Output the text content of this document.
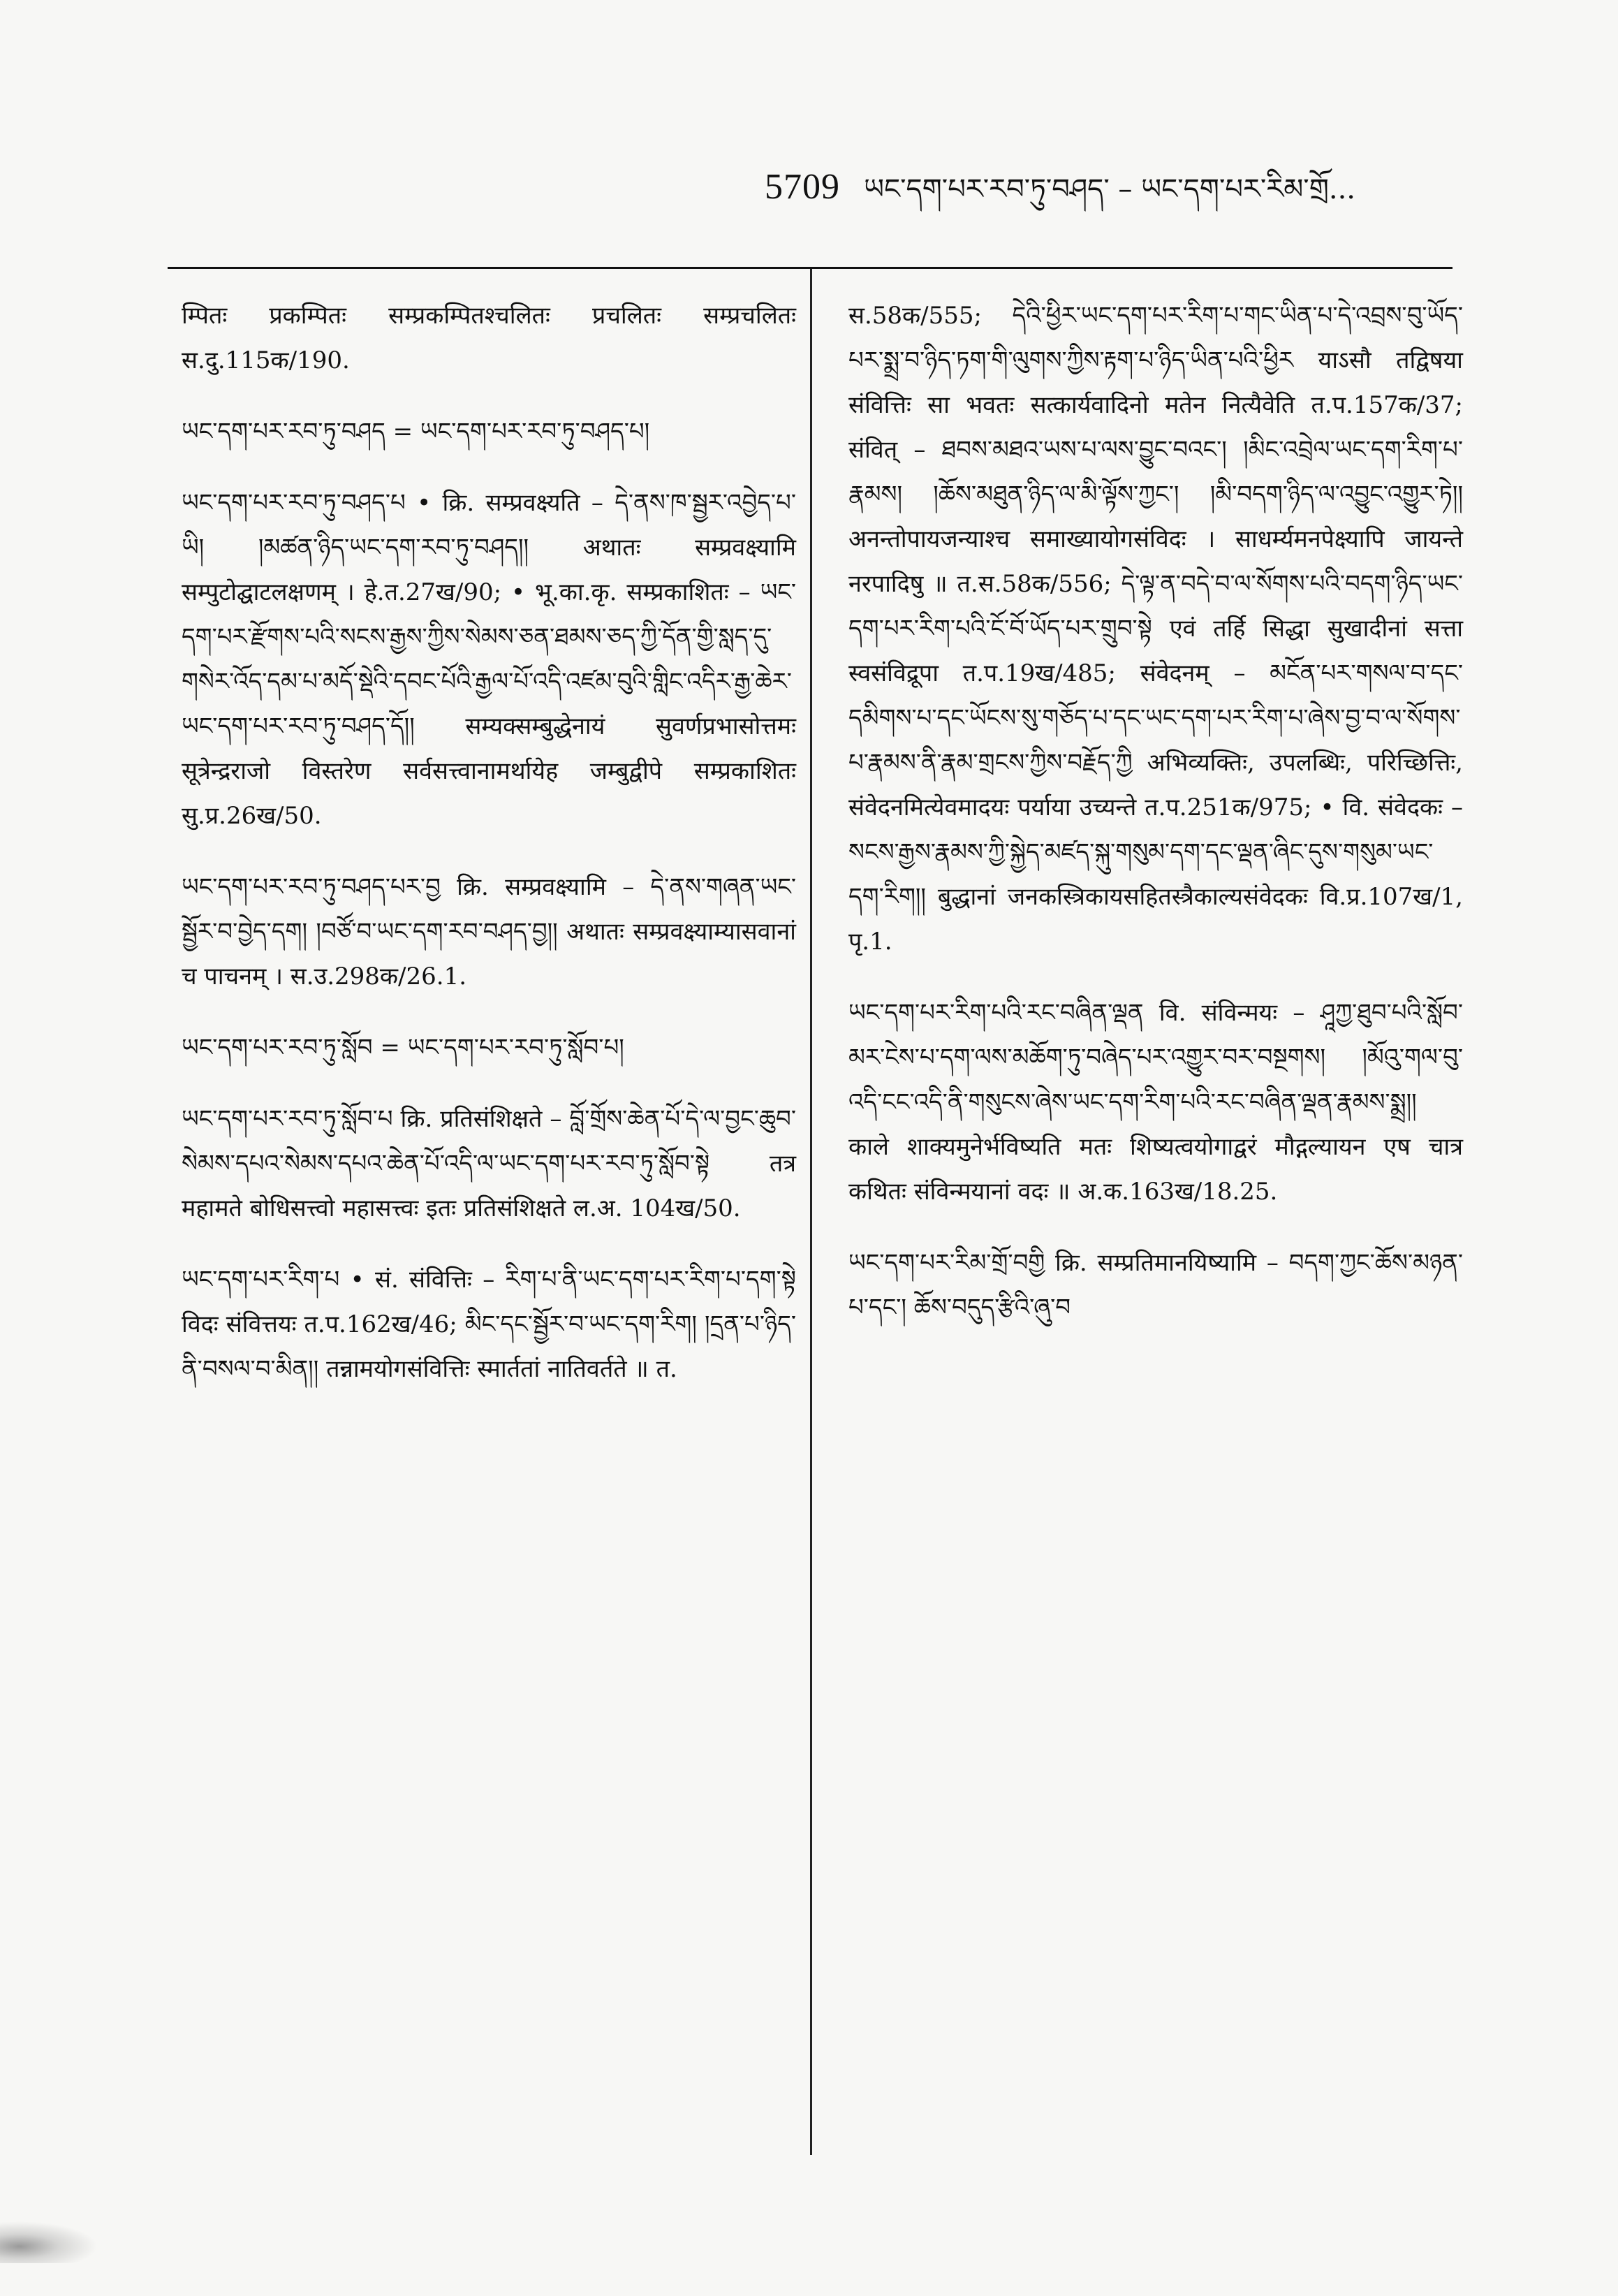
5709 ཡང་དག་པར་རབ་ཏུ་བཤད་ – ཡང་དག་པར་རིམ་གྲོ...

म्पितः प्रकम्पितः सम्प्रकम्पितश्चलितः प्रचलितः सम्प्रचलितः स.दु.115क/190.

ཡང་དག་པར་རབ་ཏུ་བཤད = ཡང་དག་པར་རབ་ཏུ་བཤད་པ།

ཡང་དག་པར་རབ་ཏུ་བཤད་པ • क्रि. सम्प्रवक्ष्यति – དེ་ནས་ཁ་སྦྱར་འབྱེད་པ་ཡི། །མཚན་ཉིད་ཡང་དག་རབ་ཏུ་བཤད།། अथातः सम्प्रवक्ष्यामि सम्पुटोद्घाटलक्षणम् । हे.त.27ख/90; • भू.का.कृ. सम्प्रकाशितः – ཡང་དག་པར་རྫོགས་པའི་སངས་རྒྱས་ཀྱིས་སེམས་ཅན་ཐམས་ཅད་ཀྱི་དོན་གྱི་སླད་དུ་གསེར་འོད་དམ་པ་མདོ་སྡེའི་དབང་པོའི་རྒྱལ་པོ་འདི་འཛམ་བུའི་གླིང་འདིར་རྒྱ་ཆེར་ཡང་དག་པར་རབ་ཏུ་བཤད་དོ།། सम्यक्सम्बुद्धेनायं सुवर्णप्रभासोत्तमः सूत्रेन्द्रराजो विस्तरेण सर्वसत्त्वानामर्थायेह जम्बुद्वीपे सम्प्रकाशितः सु.प्र.26ख/50.

ཡང་དག་པར་རབ་ཏུ་བཤད་པར་བྱ क्रि. सम्प्रवक्ष्यामि – དེ་ནས་གཞན་ཡང་སྦྱོར་བ་བྱེད་དག། །བཙོ་བ་ཡང་དག་རབ་བཤད་བྱ།། अथातः सम्प्रवक्ष्याम्यासवानां च पाचनम् । स.उ.298क/26.1.

ཡང་དག་པར་རབ་ཏུ་སློབ = ཡང་དག་པར་རབ་ཏུ་སློབ་པ།

ཡང་དག་པར་རབ་ཏུ་སློབ་པ क्रि. प्रतिसंशिक्षते – བློ་གྲོས་ཆེན་པོ་དེ་ལ་བྱང་ཆུབ་སེམས་དཔའ་སེམས་དཔའ་ཆེན་པོ་འདི་ལ་ཡང་དག་པར་རབ་ཏུ་སློབ་སྟེ तत्र महामते बोधिसत्त्वो महासत्त्वः इतः प्रतिसंशिक्षते ल.अ. 104ख/50.

ཡང་དག་པར་རིག་པ • सं. संवित्तिः – རིག་པ་ནི་ཡང་དག་པར་རིག་པ་དག་སྟེ विदः संवित्तयः त.प.162ख/46; མིང་དང་སྦྱོར་བ་ཡང་དག་རིག། །དྲན་པ་ཉིད་ནི་བསལ་བ་མིན།། तन्नामयोगसंवित्तिः स्मार्ततां नातिवर्तते ॥ त.

स.58क/555; དེའི་ཕྱིར་ཡང་དག་པར་རིག་པ་གང་ཡིན་པ་དེ་འབྲས་བུ་ཡོད་པར་སྨྲ་བ་ཉིད་ཏག་གི་ལུགས་ཀྱིས་རྟག་པ་ཉིད་ཡིན་པའི་ཕྱིར याऽसौ तद्विषया संवित्तिः सा भवतः सत्कार्यवादिनो मतेन नित्यैवेति त.प.157क/37; संवित् – ཐབས་མཐའ་ཡས་པ་ལས་བྱུང་བའང་། །མིང་འབྲེལ་ཡང་དག་རིག་པ་རྣམས། །ཆོས་མཐུན་ཉིད་ལ་མི་ལྟོས་ཀྱང་། །མི་བདག་ཉིད་ལ་འབྱུང་འགྱུར་ཏེ།། अनन्तोपायजन्याश्च समाख्यायोगसंविदः । साधर्म्यमनपेक्ष्यापि जायन्ते नरपादिषु ॥ त.स.58क/556; དེ་ལྟ་ན་བདེ་བ་ལ་སོགས་པའི་བདག་ཉིད་ཡང་དག་པར་རིག་པའི་ངོ་བོ་ཡོད་པར་གྲུབ་སྟེ एवं तर्हि सिद्धा सुखादीनां सत्ता स्वसंविद्रूपा त.प.19ख/485; संवेदनम् – མངོན་པར་གསལ་བ་དང་དམིགས་པ་དང་ཡོངས་སུ་གཅོད་པ་དང་ཡང་དག་པར་རིག་པ་ཞེས་བྱ་བ་ལ་སོགས་པ་རྣམས་ནི་རྣམ་གྲངས་ཀྱིས་བརྗོད་ཀྱི अभिव्यक्तिः, उपलब्धिः, परिच्छित्तिः, संवेदनमित्येवमादयः पर्याया उच्यन्ते त.प.251क/975; • वि. संवेदकः – སངས་རྒྱས་རྣམས་ཀྱི་སྐྱེད་མཛད་སྐུ་གསུམ་དག་དང་ལྡན་ཞིང་དུས་གསུམ་ཡང་དག་རིག།། बुद्धानां जनकस्त्रिकायसहितस्त्रैकाल्यसंवेदकः वि.प्र.107ख/1, पृ.1.

ཡང་དག་པར་རིག་པའི་རང་བཞིན་ལྡན वि. संविन्मयः – ཤཱཀྱ་ཐུབ་པའི་སློབ་མར་ངེས་པ་དག་ལས་མཆོག་ཏུ་བཞེད་པར་འགྱུར་བར་བསྔགས། །མོའུ་གལ་བུ་འདི་ངང་འདི་ནི་གསུངས་ཞེས་ཡང་དག་རིག་པའི་རང་བཞིན་ལྡན་རྣམས་སྨྲ།། काले शाक्यमुनेर्भविष्यति मतः शिष्यत्वयोगाद्वरं मौद्गल्यायन एष चात्र कथितः संविन्मयानां वदः ॥ अ.क.163ख/18.25.

ཡང་དག་པར་རིམ་གྲོ་བགྱི क्रि. सम्प्रतिमानयिष्यामि – བདག་ཀྱང་ཆོས་མཉན་པ་དང་། ཆོས་བདུད་རྩིའི་ཞུ་བ
